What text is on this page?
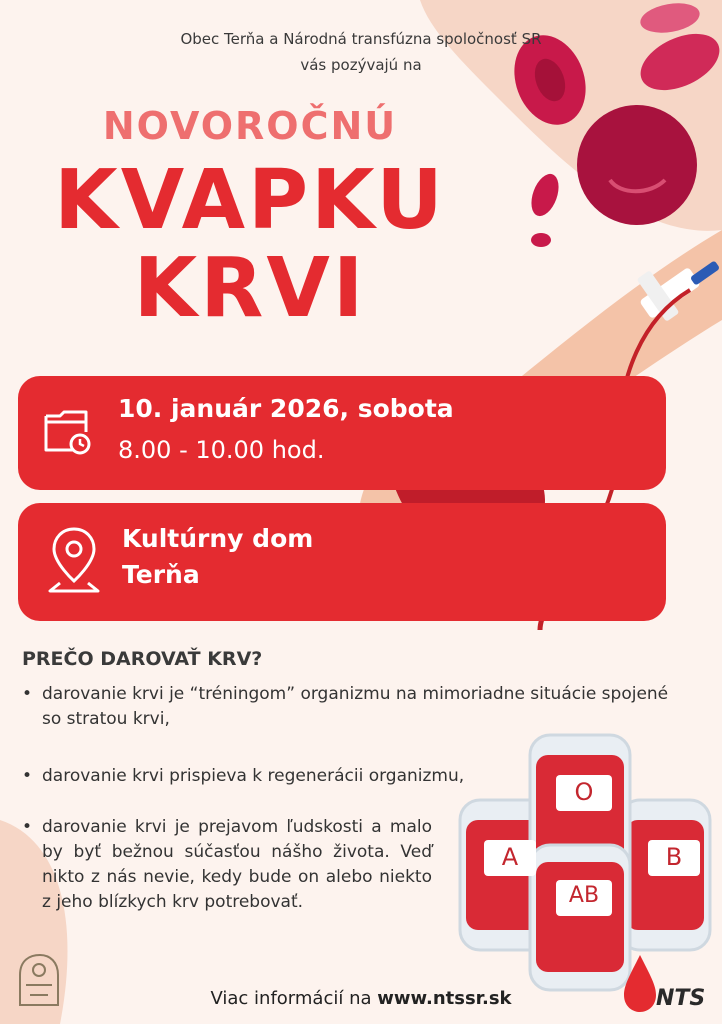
Obec Terňa a Národná transfúzna spoločnosť SR
vás pozývajú na
NOVOROČNÚ
KVAPKU
KRVI
10. január 2026, sobota
8.00 - 10.00 hod.
Kultúrny dom
Terňa
PREČO DAROVAŤ KRV?
• darovanie krvi je “tréningom” organizmu na mimoriadne situácie spojené so stratou krvi,
• darovanie krvi prispieva k regenerácii organizmu,
• darovanie krvi je prejavom ľudskosti a malo by byť bežnou súčasťou nášho života. Veď nikto z nás nevie, kedy bude on alebo niekto z jeho blízkych krv potrebovať.
O
A	B
AB
Viac informácií na www.ntssr.sk	NTS
